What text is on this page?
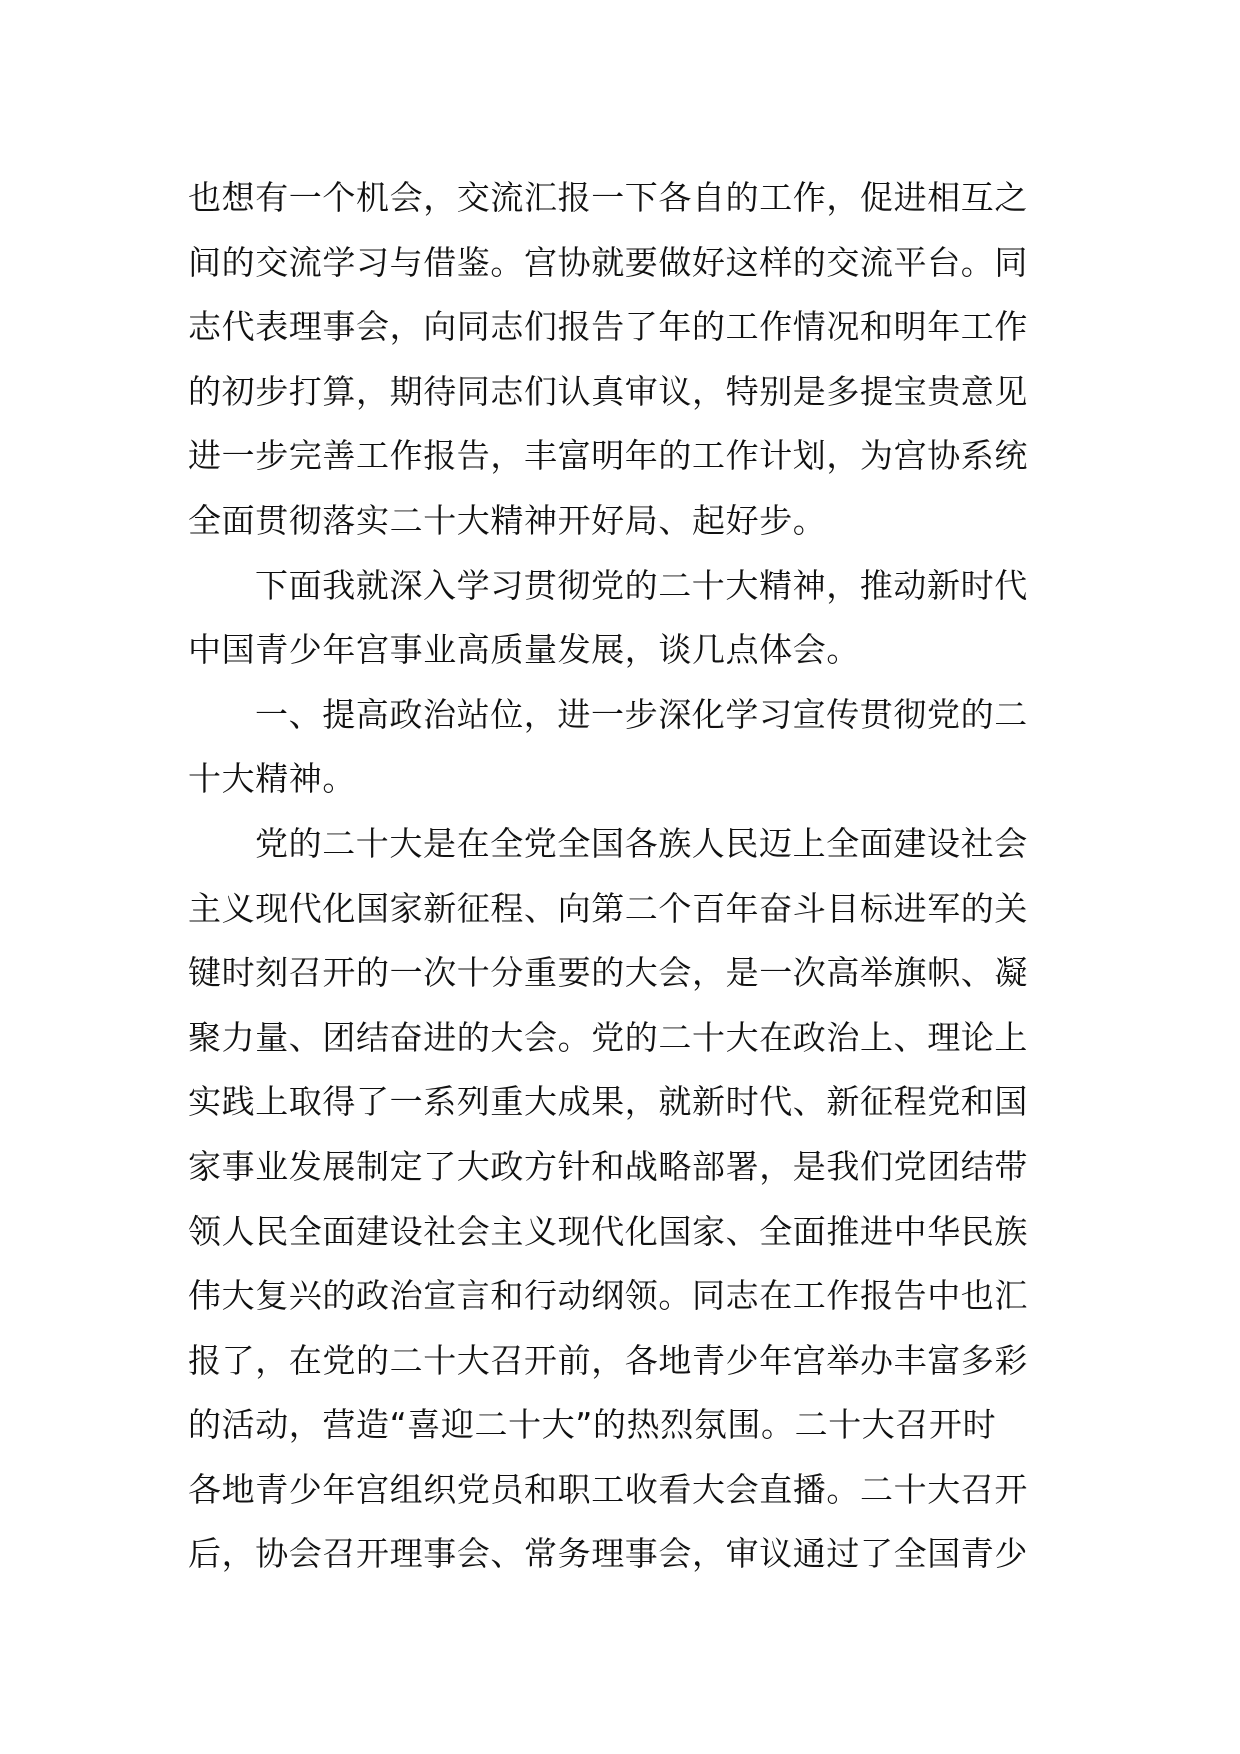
也想有一个机会，交流汇报一下各自的工作，促进相互之
间的交流学习与借鉴。宫协就要做好这样的交流平台。同
志代表理事会，向同志们报告了年的工作情况和明年工作
的初步打算，期待同志们认真审议，特别是多提宝贵意见
进一步完善工作报告，丰富明年的工作计划，为宫协系统
全面贯彻落实二十大精神开好局、起好步。
下面我就深入学习贯彻党的二十大精神，推动新时代
中国青少年宫事业高质量发展，谈几点体会。
一、提高政治站位，进一步深化学习宣传贯彻党的二
十大精神。
党的二十大是在全党全国各族人民迈上全面建设社会
主义现代化国家新征程、向第二个百年奋斗目标进军的关
键时刻召开的一次十分重要的大会，是一次高举旗帜、凝
聚力量、团结奋进的大会。党的二十大在政治上、理论上
实践上取得了一系列重大成果，就新时代、新征程党和国
家事业发展制定了大政方针和战略部署，是我们党团结带
领人民全面建设社会主义现代化国家、全面推进中华民族
伟大复兴的政治宣言和行动纲领。同志在工作报告中也汇
报了，在党的二十大召开前，各地青少年宫举办丰富多彩
的活动，营造“喜迎二十大”的热烈氛围。二十大召开时
各地青少年宫组织党员和职工收看大会直播。二十大召开
后，协会召开理事会、常务理事会，审议通过了全国青少
